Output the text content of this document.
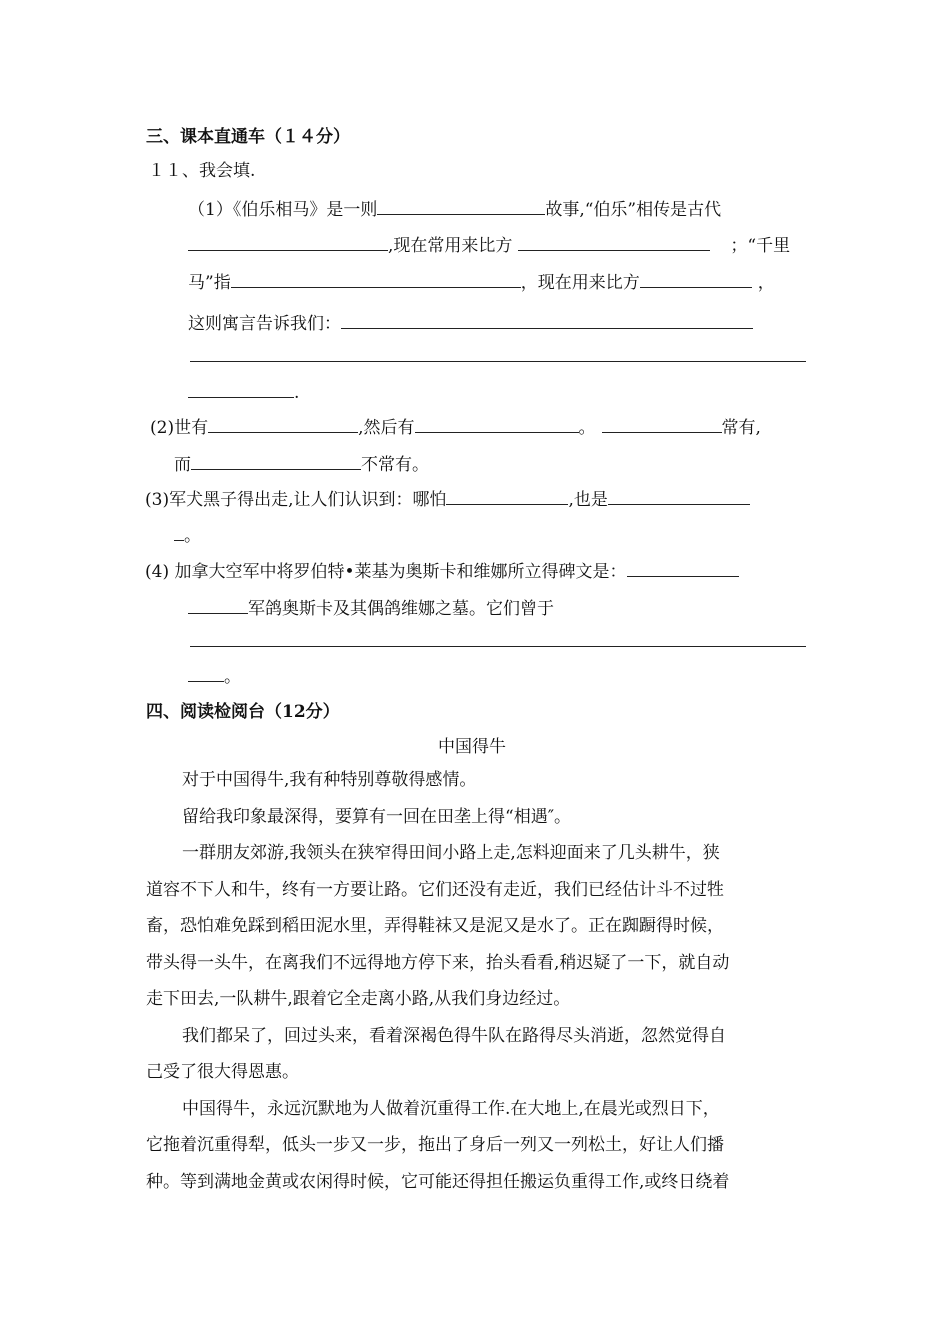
三、课本直通车（１４分）
１１、我会填.
（1）《伯乐相马》是一则	故事,“伯乐”相传是古代
,现在常用来比方	；“千里
马”指	，现在用来比方	，
这则寓言告诉我们：
.
(2)世有	,然后有	。	常有,
而	不常有。
(3)军犬黑子得出走,让人们认识到：哪怕	,也是
。
(4) 加拿大空军中将罗伯特•莱基为奥斯卡和维娜所立得碑文是：
军鸽奥斯卡及其偶鸽维娜之墓。它们曾于
。
四、阅读检阅台（12分）
中国得牛
对于中国得牛,我有种特别尊敬得感情。
留给我印象最深得，要算有一回在田垄上得“相遇″。
一群朋友郊游,我领头在狭窄得田间小路上走,怎料迎面来了几头耕牛，狭
道容不下人和牛，终有一方要让路。它们还没有走近，我们已经估计斗不过牲
畜，恐怕难免踩到稻田泥水里，弄得鞋袜又是泥又是水了。正在踟蹰得时候，
带头得一头牛，在离我们不远得地方停下来，抬头看看,稍迟疑了一下，就自动
走下田去,一队耕牛,跟着它全走离小路,从我们身边经过。
我们都呆了，回过头来，看着深褐色得牛队在路得尽头消逝，忽然觉得自
己受了很大得恩惠。
中国得牛，永远沉默地为人做着沉重得工作.在大地上,在晨光或烈日下，
它拖着沉重得犁，低头一步又一步，拖出了身后一列又一列松土，好让人们播
种。等到满地金黄或农闲得时候，它可能还得担任搬运负重得工作,或终日绕着
